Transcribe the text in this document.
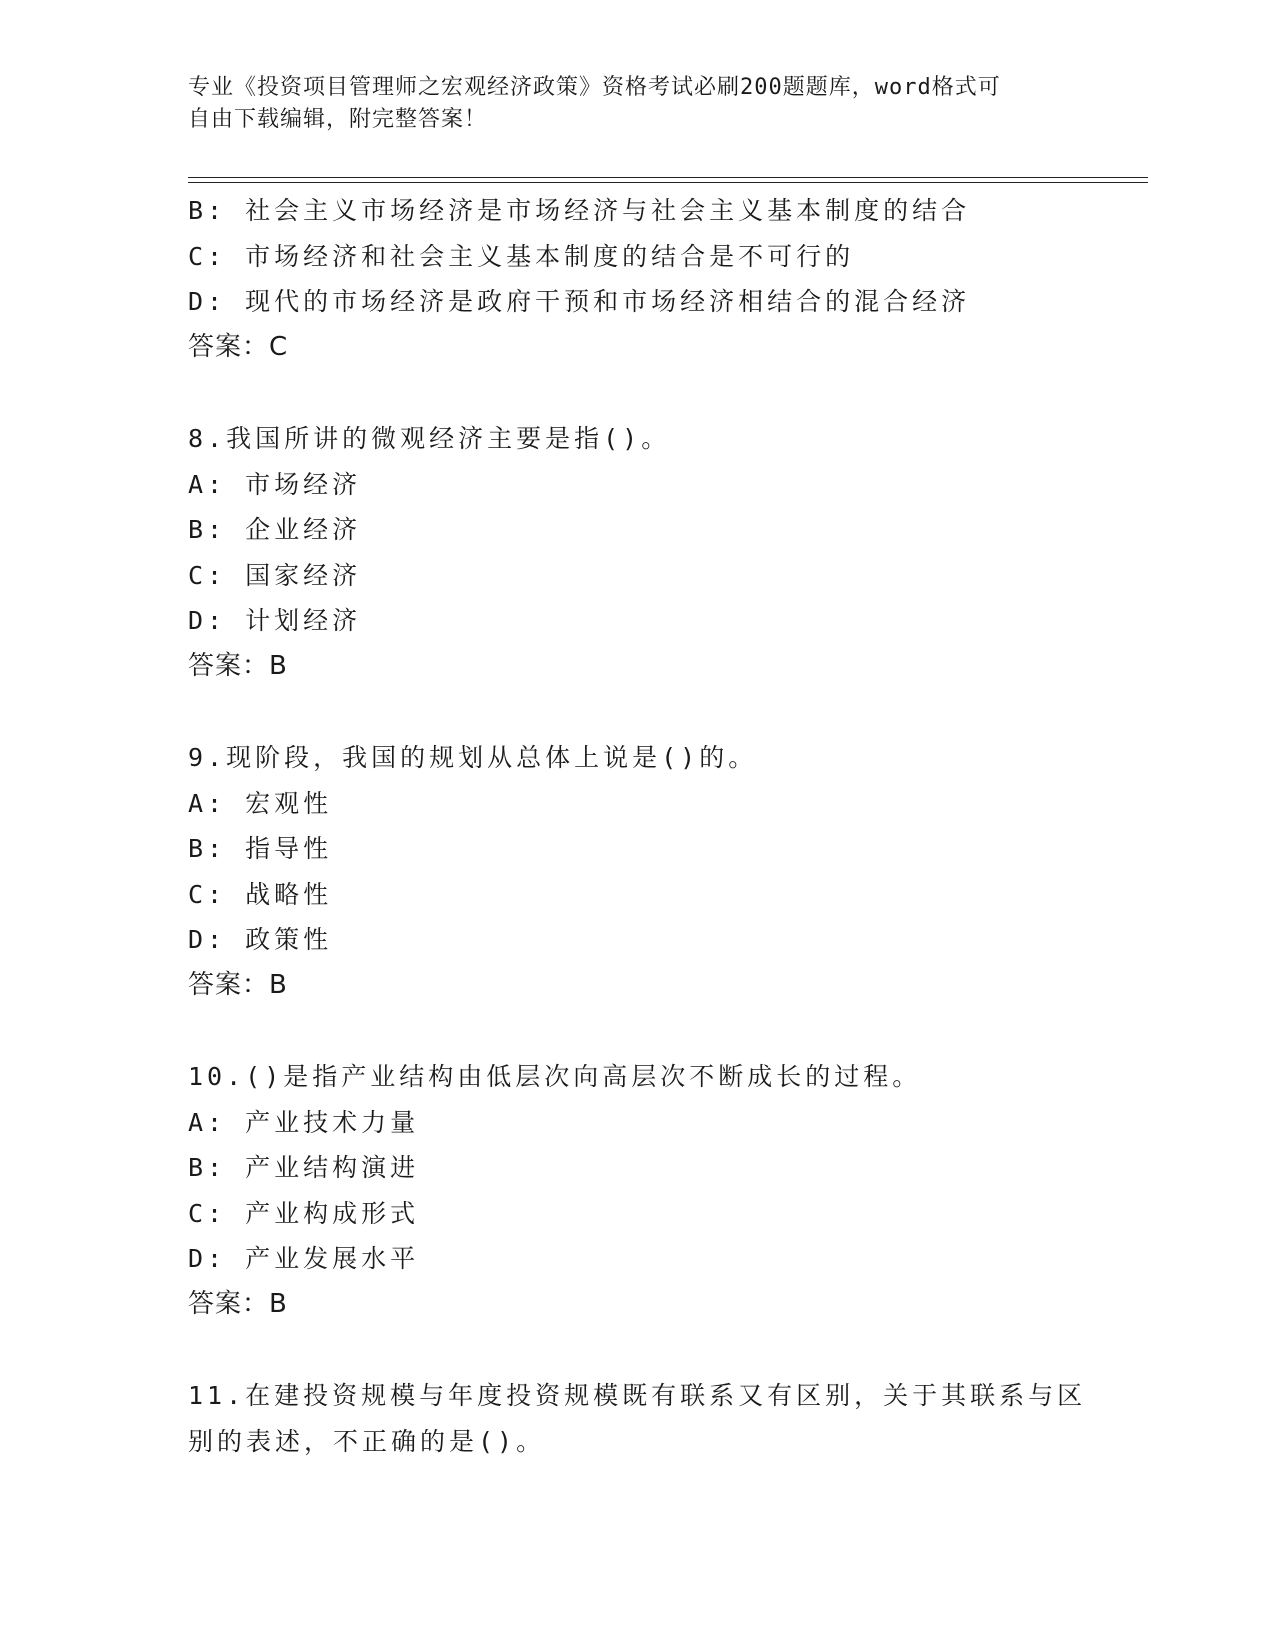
专业《投资项目管理师之宏观经济政策》资格考试必刷200题题库，word格式可
自由下载编辑，附完整答案！
B: 社会主义市场经济是市场经济与社会主义基本制度的结合
C: 市场经济和社会主义基本制度的结合是不可行的
D: 现代的市场经济是政府干预和市场经济相结合的混合经济
答案：C
8.我国所讲的微观经济主要是指()。
A: 市场经济
B: 企业经济
C: 国家经济
D: 计划经济
答案：B
9.现阶段，我国的规划从总体上说是()的。
A: 宏观性
B: 指导性
C: 战略性
D: 政策性
答案：B
10.()是指产业结构由低层次向高层次不断成长的过程。
A: 产业技术力量
B: 产业结构演进
C: 产业构成形式
D: 产业发展水平
答案：B
11.在建投资规模与年度投资规模既有联系又有区别，关于其联系与区
别的表述，不正确的是()。
